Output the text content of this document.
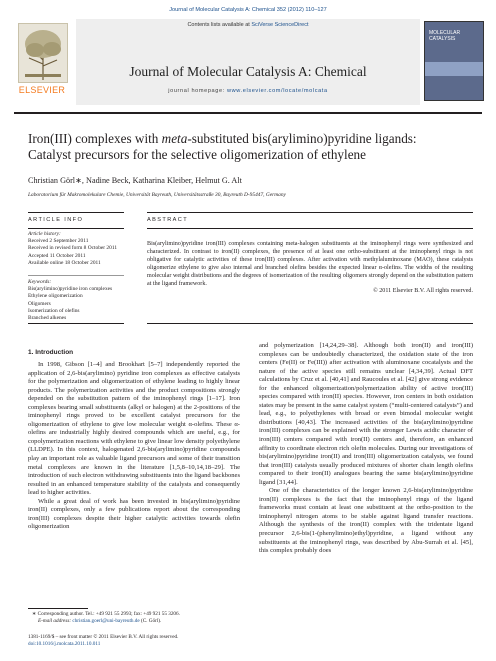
Journal of Molecular Catalysis A: Chemical 352 (2012) 110–127
ELSEVIER
Contents lists available at SciVerse ScienceDirect
Journal of Molecular Catalysis A: Chemical
journal homepage: www.elsevier.com/locate/molcata
MOLECULAR CATALYSIS
Iron(III) complexes with meta-substituted bis(arylimino)pyridine ligands:
Catalyst precursors for the selective oligomerization of ethylene
Christian Görl∗, Nadine Beck, Katharina Kleiber, Helmut G. Alt
Laboratorium für Makromolekulare Chemie, Universität Bayreuth, Universitätsstraße 30, Bayreuth D-95447, Germany
ARTICLE INFO	ABSTRACT
Article history:
Received 2 September 2011
Received in revised form 8 October 2011
Accepted 11 October 2011
Available online 18 October 2011
Keywords:
Bis(arylimino)pyridine iron complexes
Ethylene oligomerization
Oligomers
Isomerization of olefins
Branched alkenes
Bis(arylimino)pyridine iron(III) complexes containing meta-halogen substituents at the iminophenyl rings were synthesized and characterized. In contrast to iron(II) complexes, the presence of at least one ortho-substituent at the iminophenyl rings is not obligative for catalytic activities of these iron(III) complexes. After activation with methylaluminoxane (MAO), these catalysts oligomerize ethylene to give also internal and branched olefins besides the expected linear α-olefins. The widths of the resulting molecular weight distributions and the degrees of isomerization of the resulting oligomers strongly depend on the substitution pattern at the ligand framework.
© 2011 Elsevier B.V. All rights reserved.
1. Introduction

In 1998, Gibson [1–4] and Brookhart [5–7] independently reported the application of 2,6-bis(arylimino) pyridine iron complexes as effective catalysts for the polymerization and oligomerization of ethylene leading to highly linear products. The polymerization activities and the product compositions strongly depended on the substitution pattern of the iminophenyl rings [1–17]. Iron complexes bearing small substituents (alkyl or halogen) at the 2-positions of the iminophenyl rings proved to be excellent catalyst precursors for the oligomerization of ethylene to give low molecular weight α-olefins. These α-olefins are industrially highly desired compounds which are useful, e.g., for copolymerization reactions with ethylene to give linear low density polyethylene (LLDPE). In this context, halogenated 2,6-bis(arylimino)pyridine compounds play an important role as valuable ligand precursors and some of their transition metal complexes are known in the literature [1,5,8–10,14,18–29]. The introduction of such electron withdrawing substituents into the ligand backbones resulted in an enhanced temperature stability of the catalysts and consequently lead to higher activities.

While a great deal of work has been invested in bis(arylimino)pyridine iron(II) complexes, only a few publications report about the corresponding iron(III) complexes despite their higher catalytic activities towards olefin oligomerization

and polymerization [14,24,29–38]. Although both iron(II) and iron(III) complexes can be undoubtedly characterized, the oxidation state of the iron centers (Fe(II) or Fe(III)) after activation with aluminoxane cocatalysts and the nature of the active species still remains unclear [4,34,39]. Actual DFT calculations by Cruz et al. [40,41] and Raucoules et al. [42] give strong evidence for the enhanced oligomerization/polymerization ability of active iron(III) species compared with iron(II) species. However, iron centers in both oxidation states may be present in the same catalyst system (“multi-centered catalysts”) and lead, e.g., to polyethylenes with broad or even bimodal molecular weight distributions [40,43]. The increased activities of the bis(arylimino)pyridine iron(III) complexes can be explained with the stronger Lewis acidic character of iron(III) centers compared with iron(II) centers and, therefore, an enhanced affinity to coordinate electron rich olefin molecules. During our investigations of bis(arylimino)pyridine iron(II) and iron(III) oligomerization catalysts, we found that iron(III) catalysts usually produced mixtures of shorter chain length olefins compared to their iron(II) analogues bearing the same bis(arylimino)pyridine ligand [31,44].

One of the characteristics of the longer known 2,6-bis(arylimino)pyridine iron(II) complexes is the fact that the iminophenyl rings of the ligand frameworks must contain at least one substituent at the ortho-position to the iminophenyl nitrogen atoms to be stable against ligand transfer reactions. Although the synthesis of the iron(II) complex with the tridentate ligand precursor 2,6-bis(1-(phenylimino)ethyl)pyridine, a ligand without any substituents at the iminophenyl rings, was described by Abu-Surrah et al. [45], this complex probably does

∗ Corresponding author. Tel.: +49 921 55 2993; fax: +49 921 55 3206.
E-mail address: christian.goerl@uni-bayreuth.de (C. Görl).
1381-1169/$ – see front matter © 2011 Elsevier B.V. All rights reserved.
doi:10.1016/j.molcata.2011.10.011
